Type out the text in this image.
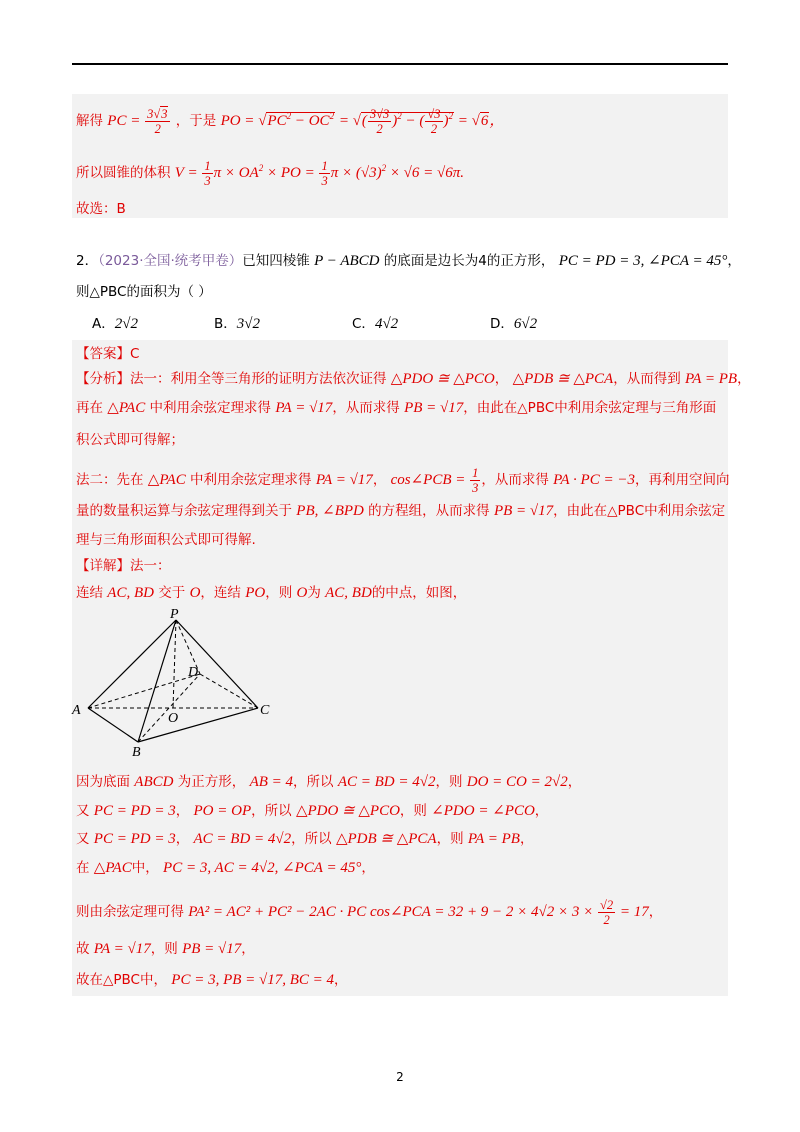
解得 PC = $\frac{3√3}{2}$ ，于是 PO = $√PC^2 - OC^2$ = √( $\frac{3√3}{2} )^2$ − ( $\frac{√3}{2} )^2 = √6$，
所以圆锥的体积 $V = \frac{1}{3}$ $\pi \times OA^2$ × PO = $\frac{1}{3}$ $\pi \times (√3)^2 \times √6 = √6\pi$.
故选：B
2．（2023·全国·统考甲卷）已知四棱锥 P − ABCD 的底面是边长为4的正方形， PC = PD = 3, ∠PCA = 45°，
则△PBC的面积为（ ）
A．2√2	B．3√2	C．4√2	D．6√2
【答案】C
【分析】法一：利用全等三角形的证明方法依次证得 △PDO ≅ △PCO， △PDB ≅ △PCA，从而得到 PA = PB，
再在 △PAC 中利用余弦定理求得 PA = √17，从而求得 PB = √17，由此在△PBC中利用余弦定理与三角形面
积公式即可得解；
法二：先在 △PAC 中利用余弦定理求得 PA = √17， cos∠PCB = $\frac{1}{3}$ ，从而求得 PA · PC = −3，再利用空间向
量的数量积运算与余弦定理得到关于 PB, ∠BPD 的方程组，从而求得 PB = √17，由此在△PBC中利用余弦定
理与三角形面积公式即可得解.
【详解】法一：
连结 AC, BD 交于 O，连结 PO，则 O为 AC, BD的中点，如图，
P
D
A
O
C
B
因为底面 ABCD 为正方形， AB = 4，所以 AC = BD = 4√2，则 DO = CO = 2√2，
又 PC = PD = 3， PO = OP，所以 △PDO ≅ △PCO，则 ∠PDO = ∠PCO，
又 PC = PD = 3， AC = BD = 4√2，所以 △PDB ≅ △PCA，则 PA = PB，
在 △PAC中， PC = 3, AC = 4√2, ∠PCA = 45°，
则由余弦定理可得 PA² = AC² + PC² − 2AC · PC cos∠PCA = $32 + 9 - 2 \times 4√2 \times 3 \times \frac{√2}{2} = 17$，
故 PA = √17，则 PB = √17，
故在△PBC中， PC = 3, PB = √17, BC = 4，
2
